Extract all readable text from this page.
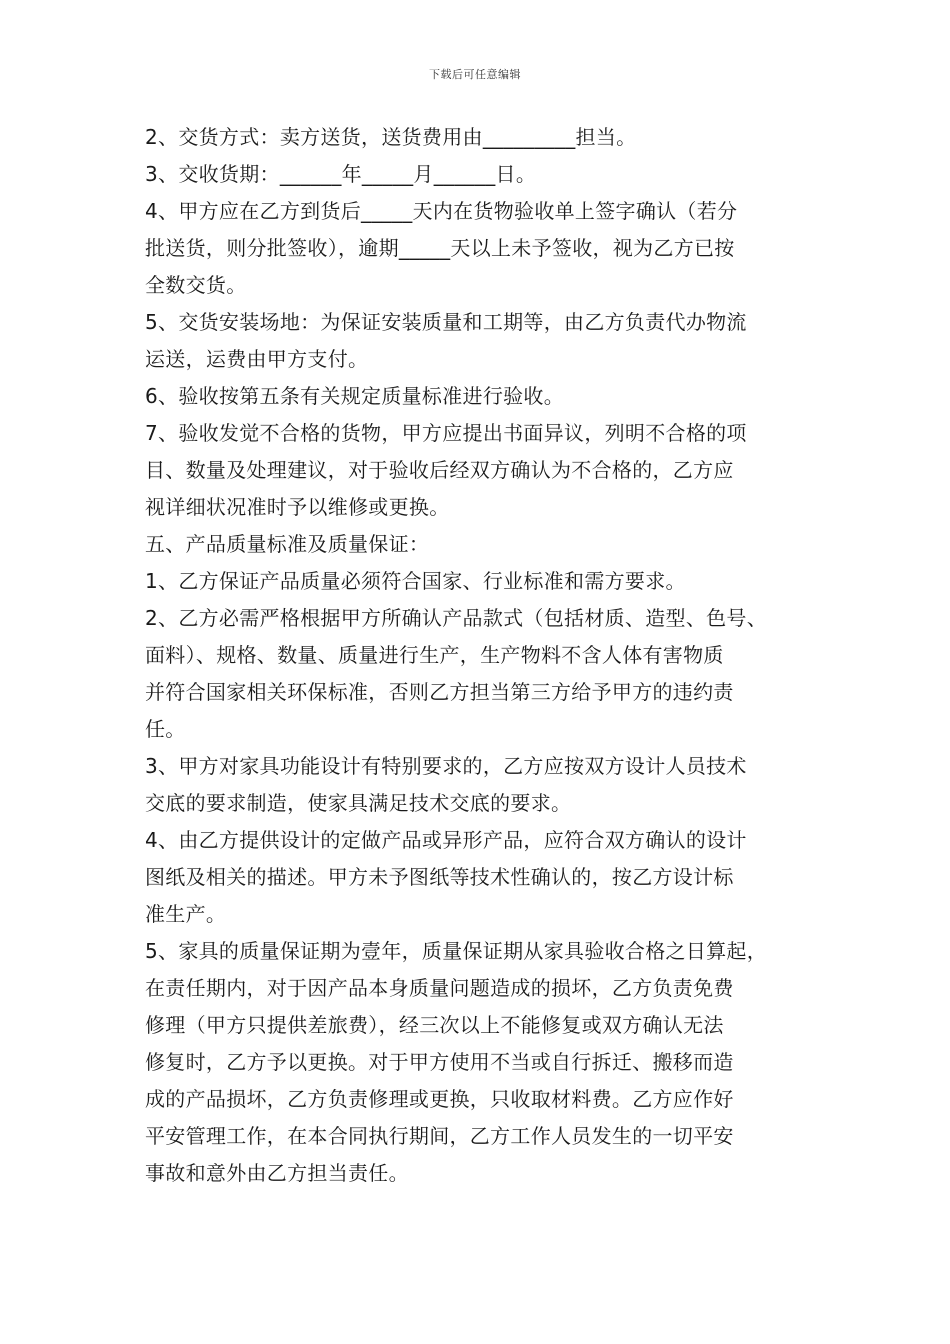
下载后可任意编辑
2、交货方式：卖方送货，送货费用由_________担当。
3、交收货期：______年_____月______日。
4、甲方应在乙方到货后_____天内在货物验收单上签字确认（若分
批送货，则分批签收），逾期_____天以上未予签收，视为乙方已按
全数交货。
5、交货安装场地：为保证安装质量和工期等，由乙方负责代办物流
运送，运费由甲方支付。
6、验收按第五条有关规定质量标准进行验收。
7、验收发觉不合格的货物，甲方应提出书面异议，列明不合格的项
目、数量及处理建议，对于验收后经双方确认为不合格的，乙方应
视详细状况准时予以维修或更换。
五、产品质量标准及质量保证：
1、乙方保证产品质量必须符合国家、行业标准和需方要求。
2、乙方必需严格根据甲方所确认产品款式（包括材质、造型、色号、
面料）、规格、数量、质量进行生产，生产物料不含人体有害物质
并符合国家相关环保标准，否则乙方担当第三方给予甲方的违约责
任。
3、甲方对家具功能设计有特别要求的，乙方应按双方设计人员技术
交底的要求制造，使家具满足技术交底的要求。
4、由乙方提供设计的定做产品或异形产品，应符合双方确认的设计
图纸及相关的描述。甲方未予图纸等技术性确认的，按乙方设计标
准生产。
5、家具的质量保证期为壹年，质量保证期从家具验收合格之日算起，
在责任期内，对于因产品本身质量问题造成的损坏，乙方负责免费
修理（甲方只提供差旅费），经三次以上不能修复或双方确认无法
修复时，乙方予以更换。对于甲方使用不当或自行拆迁、搬移而造
成的产品损坏，乙方负责修理或更换，只收取材料费。乙方应作好
平安管理工作，在本合同执行期间，乙方工作人员发生的一切平安
事故和意外由乙方担当责任。
